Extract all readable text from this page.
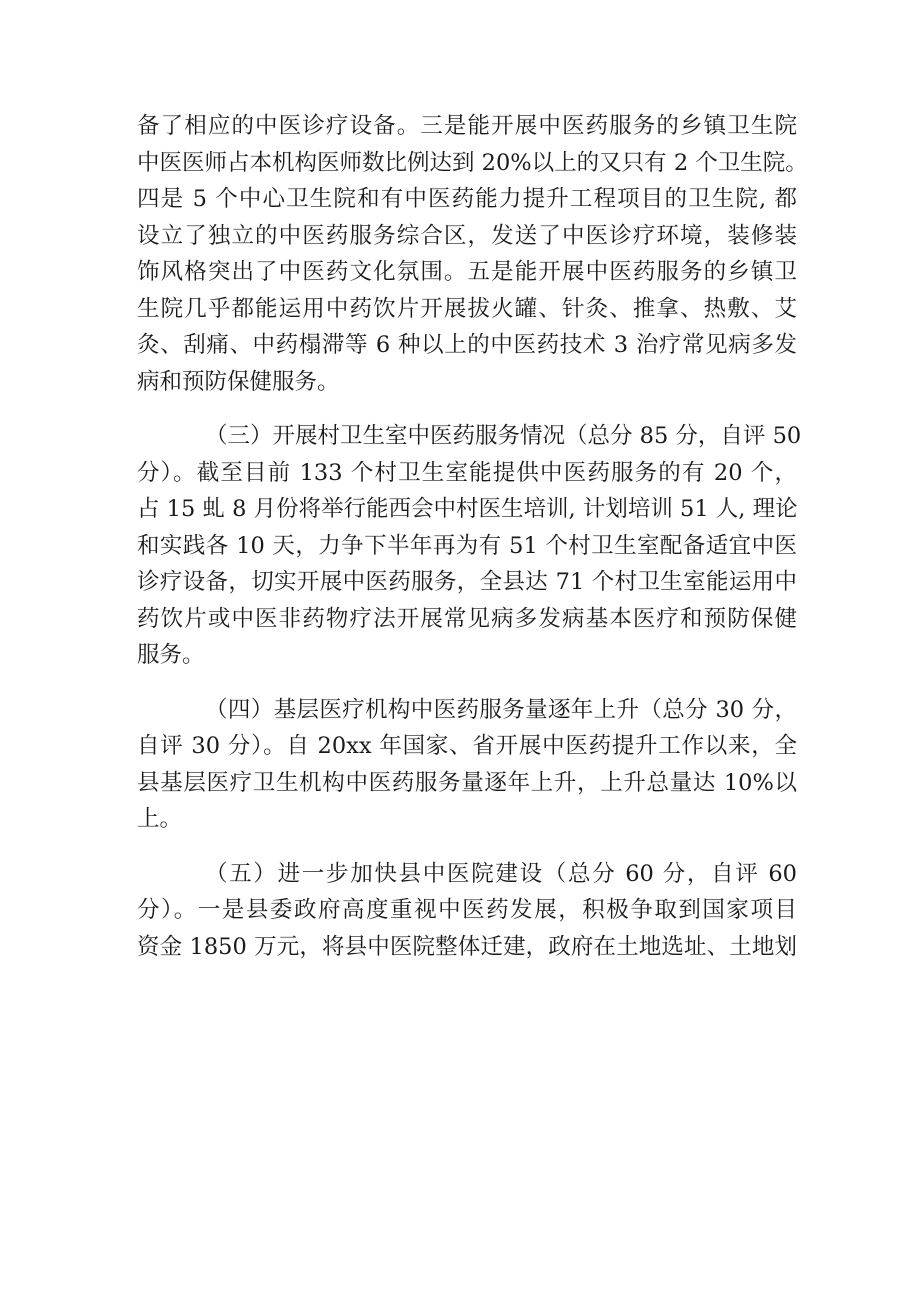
备了相应的中医诊疗设备。三是能开展中医药服务的乡镇卫生院
中医医师占本机构医师数比例达到 20%以上的又只有 2 个卫生院。
四是 5 个中心卫生院和有中医药能力提升工程项目的卫生院, 都
设立了独立的中医药服务综合区，发送了中医诊疗环境，装修装
饰风格突出了中医药文化氛围。五是能开展中医药服务的乡镇卫
生院几乎都能运用中药饮片开展拔火罐、针灸、推拿、热敷、艾
灸、刮痛、中药榻滞等 6 种以上的中医药技术 3 治疗常见病多发
病和预防保健服务。
（三）开展村卫生室中医药服务情况（总分 85 分，自评 50
分）。截至目前 133 个村卫生室能提供中医药服务的有 20 个，
占 15 虬 8 月份将举行能西会中村医生培训, 计划培训 51 人, 理论
和实践各 10 天，力争下半年再为有 51 个村卫生室配备适宜中医
诊疗设备，切实开展中医药服务，全县达 71 个村卫生室能运用中
药饮片或中医非药物疗法开展常见病多发病基本医疗和预防保健
服务。
（四）基层医疗机构中医药服务量逐年上升（总分 30 分，
自评 30 分）。自 20xx 年国家、省开展中医药提升工作以来，全
县基层医疗卫生机构中医药服务量逐年上升，上升总量达 10%以
上。
（五）进一步加快县中医院建设（总分 60 分，自评 60
分）。一是县委政府高度重视中医药发展，积极争取到国家项目
资金 1850 万元，将县中医院整体迁建，政府在土地选址、土地划
